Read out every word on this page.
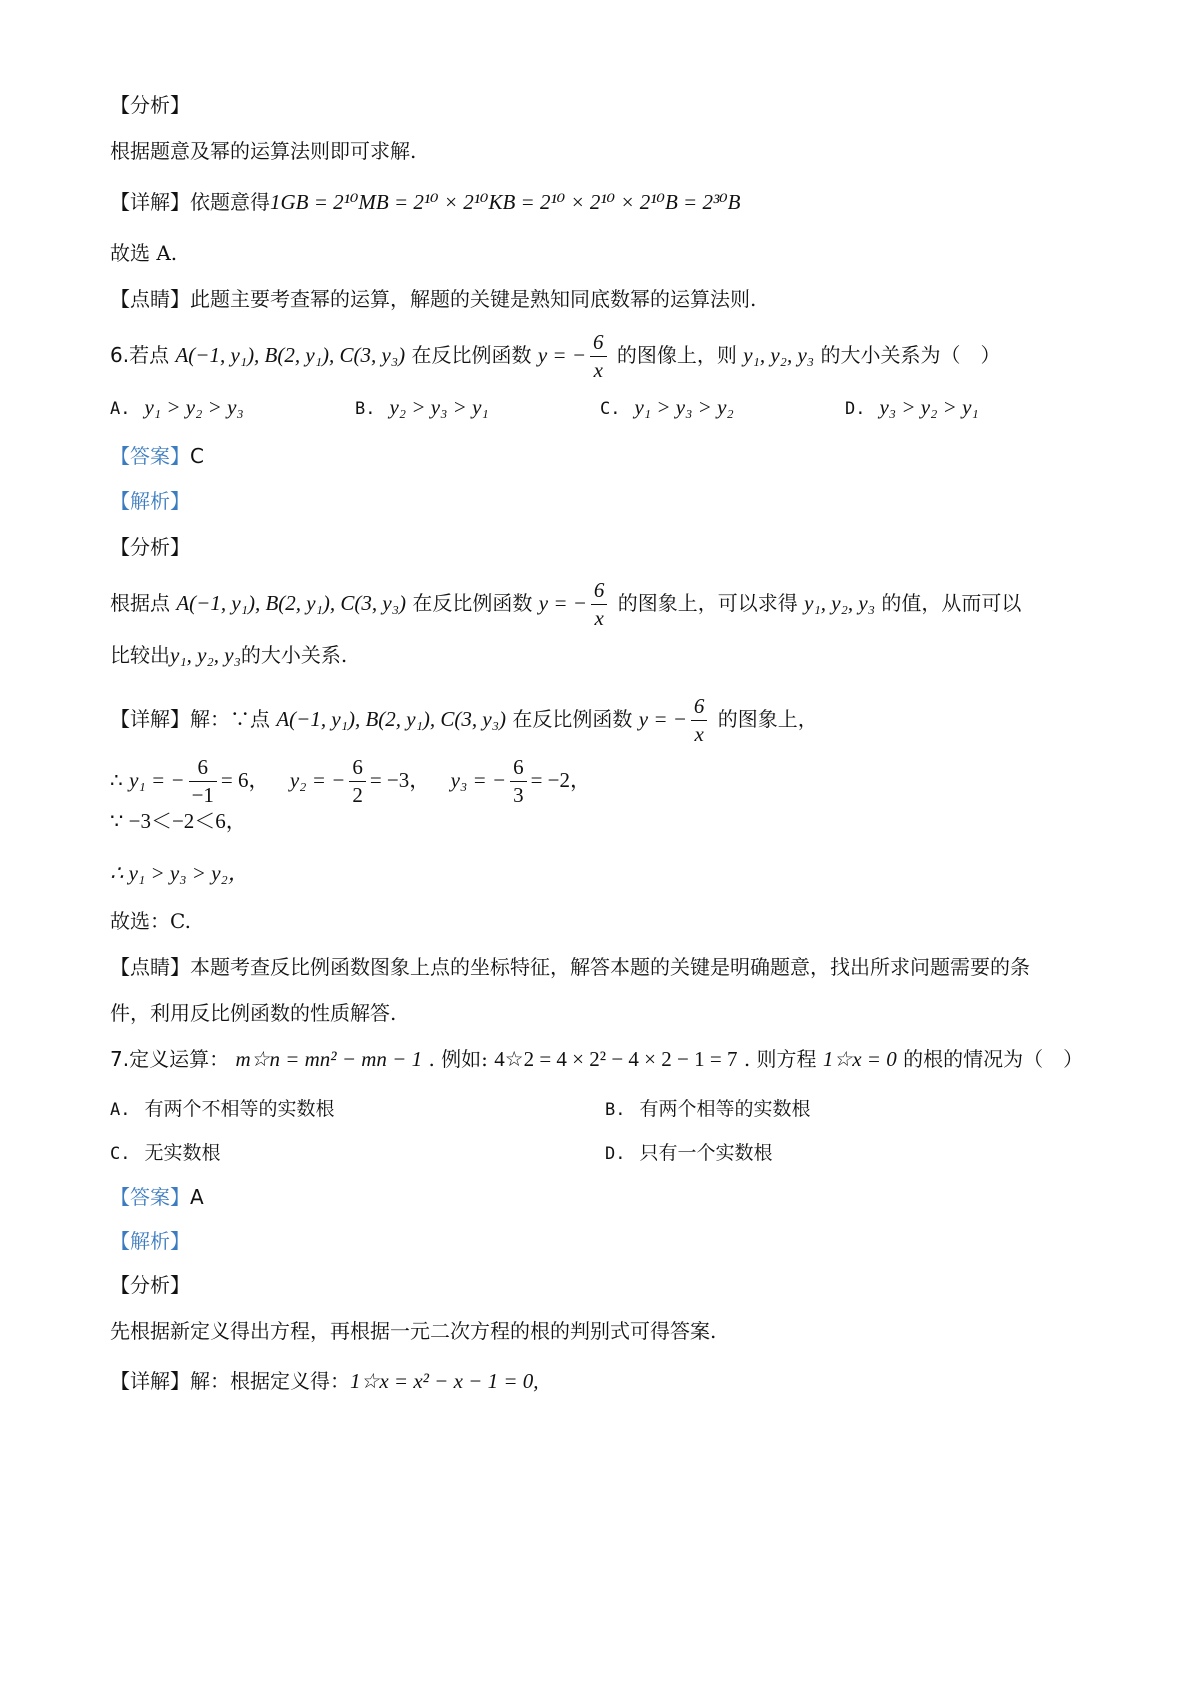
【分析】
根据题意及幂的运算法则即可求解.
【详解】依题意得1GB = 2¹⁰MB = 2¹⁰ × 2¹⁰KB = 2¹⁰ × 2¹⁰ × 2¹⁰B = 2³⁰B
故选 A.
【点睛】此题主要考查幂的运算，解题的关键是熟知同底数幂的运算法则.
6.若点 A(−1, y₁), B(2, y₁), C(3, y₃) 在反比例函数 y = − $\frac{6}{x}$ 的图像上，则 y₁, y₂, y₃ 的大小关系为（　）
A. y₁ > y₂ > y₃	B. y₂ > y₃ > y₁	C. y₁ > y₃ > y₂	D. y₃ > y₂ > y₁
【答案】C
【解析】
【分析】
根据点 A(−1, y₁), B(2, y₁), C(3, y₃) 在反比例函数 y = − $\frac{6}{x}$ 的图象上，可以求得 y₁, y₂, y₃ 的值，从而可以
比较出y₁, y₂, y₃的大小关系.
【详解】解：∵点 A(−1, y₁), B(2, y₁), C(3, y₃) 在反比例函数 y = − $\frac{6}{x}$ 的图象上，
∴ y₁ = − $\frac{6}{-1} = 6$， y₂ = − $\frac{6}{2} = -3$， y₃ = − $\frac{6}{3} = -2$，
∵ −3＜−2＜6，
∴ y₁ > y₃ > y₂，
故选：C.
【点睛】本题考查反比例函数图象上点的坐标特征，解答本题的关键是明确题意，找出所求问题需要的条
件，利用反比例函数的性质解答.
7.定义运算： m☆n = mn² − mn − 1 . 例如: 4☆2 = 4 × 2² − 4 × 2 − 1 = 7 . 则方程 1☆x = 0 的根的情况为（　）
A. 有两个不相等的实数根	B. 有两个相等的实数根
C. 无实数根	D. 只有一个实数根
【答案】A
【解析】
【分析】
先根据新定义得出方程，再根据一元二次方程的根的判别式可得答案.
【详解】解：根据定义得：1☆x = x² − x − 1 = 0,
